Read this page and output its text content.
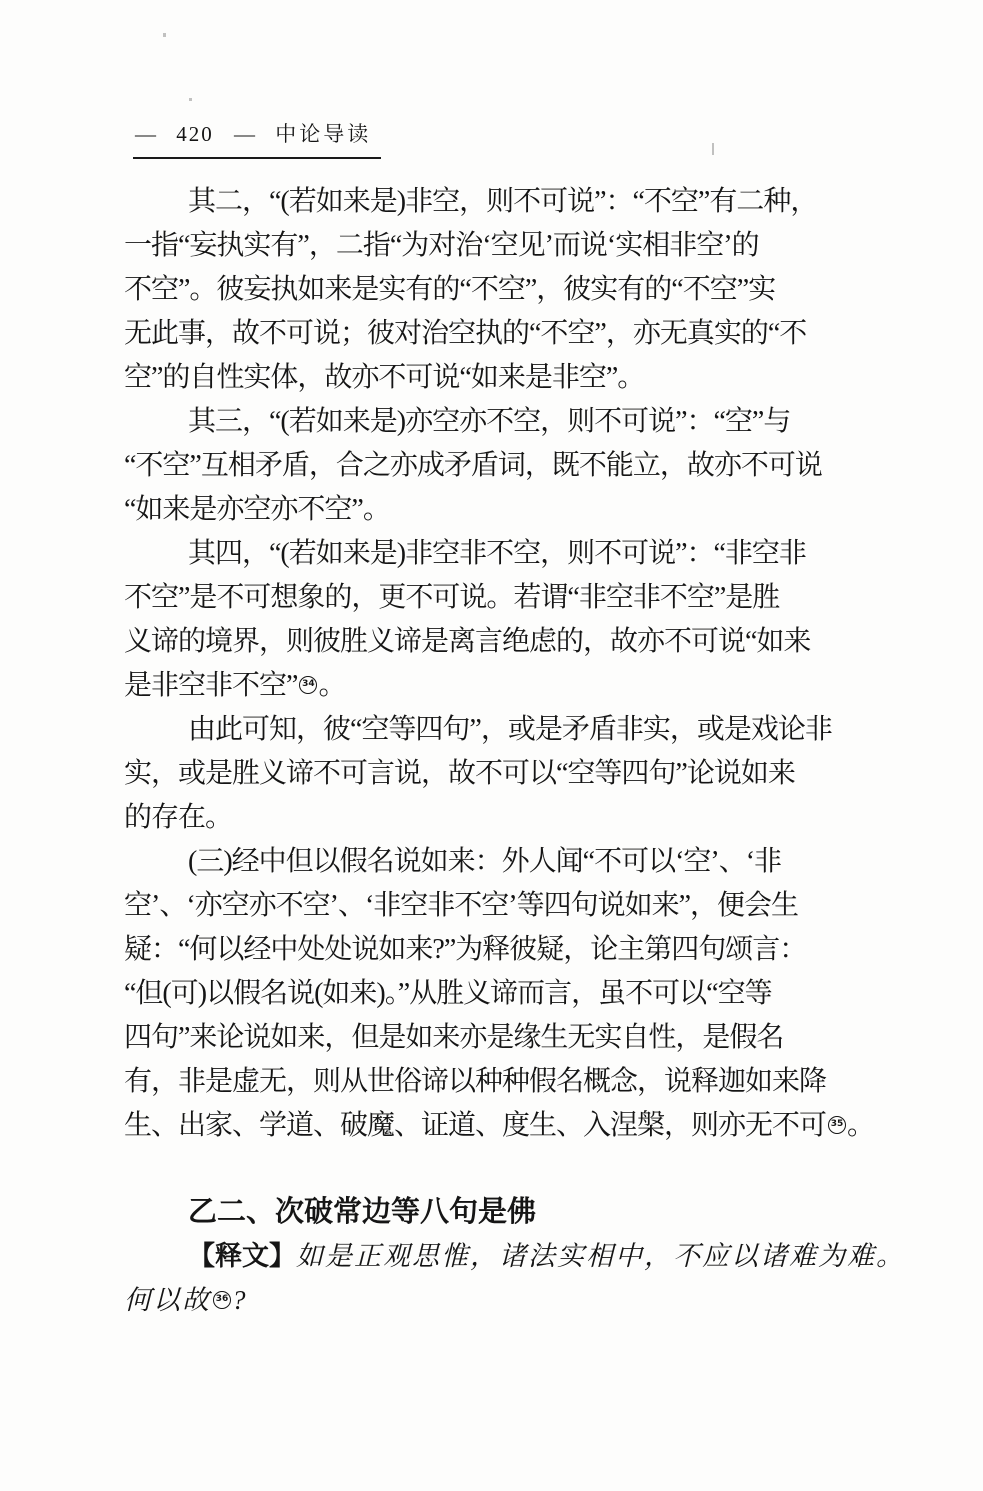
— 420 — 中论导读
其二，“(若如来是)非空，则不可说”：“不空”有二种，
一指“妄执实有”，二指“为对治‘空见’而说‘实相非空’的
不空”。彼妄执如来是实有的“不空”，彼实有的“不空”实
无此事，故不可说；彼对治空执的“不空”，亦无真实的“不
空”的自性实体，故亦不可说“如来是非空”。
其三，“(若如来是)亦空亦不空，则不可说”：“空”与
“不空”互相矛盾，合之亦成矛盾词，既不能立，故亦不可说
“如来是亦空亦不空”。
其四，“(若如来是)非空非不空，则不可说”：“非空非
不空”是不可想象的，更不可说。若谓“非空非不空”是胜
义谛的境界，则彼胜义谛是离言绝虑的，故亦不可说“如来
是非空非不空” 34 。
由此可知，彼“空等四句”，或是矛盾非实，或是戏论非
实，或是胜义谛不可言说，故不可以“空等四句”论说如来
的存在。
(三)经中但以假名说如来：外人闻“不可以‘空’、‘非
空’、‘亦空亦不空’、‘非空非不空’等四句说如来”，便会生
疑：“何以经中处处说如来?”为释彼疑，论主第四句颂言：
“但(可)以假名说(如来)。”从胜义谛而言，虽不可以“空等
四句”来论说如来，但是如来亦是缘生无实自性，是假名
有，非是虚无，则从世俗谛以种种假名概念，说释迦如来降
生、出家、学道、破魔、证道、度生、入涅槃，则亦无不可 35 。
乙二、次破常边等八句是佛
【释文】如是正观思惟，诸法实相中，不应以诸难为难。
何以故 36 ?
